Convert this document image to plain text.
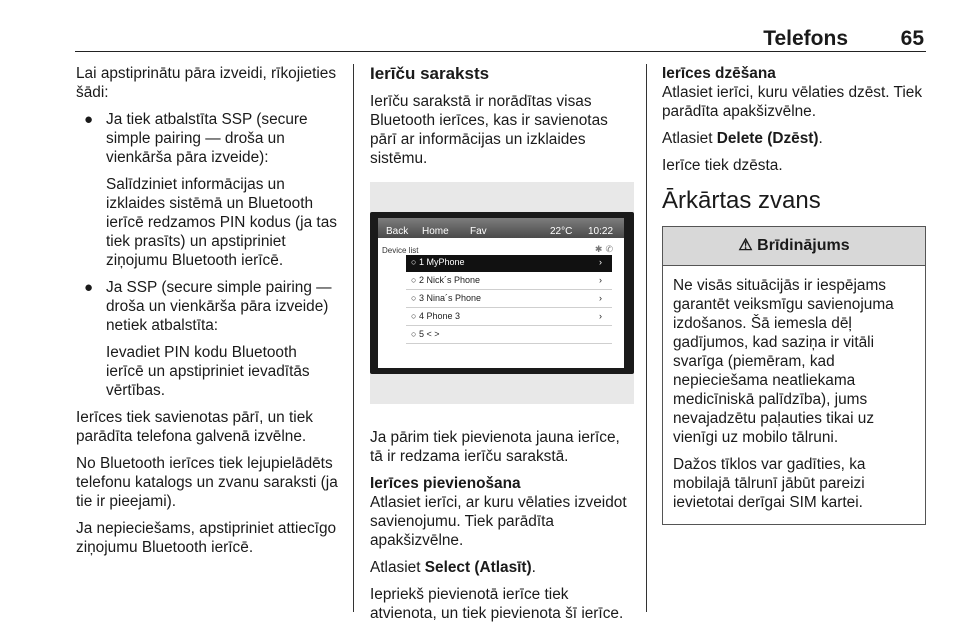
Telefons	65

Lai apstiprinātu pāra izveidi, rīkojieties šādi:

● Ja tiek atbalstīta SSP (secure simple pairing — droša un vienkārša pāra izveide):

Salīdziniet informācijas un izklaides sistēmā un Bluetooth ierīcē redzamos PIN kodus (ja tas tiek prasīts) un apstipriniet ziņojumu Bluetooth ierīcē.

● Ja SSP (secure simple pairing — droša un vienkārša pāra izveide) netiek atbalstīta:

Ievadiet PIN kodu Bluetooth ierīcē un apstipriniet ievadītās vērtības.

Ierīces tiek savienotas pārī, un tiek parādīta telefona galvenā izvēlne.

No Bluetooth ierīces tiek lejupielādēts telefonu katalogs un zvanu saraksti (ja tie ir pieejami).

Ja nepieciešams, apstipriniet attiecīgo ziņojumu Bluetooth ierīcē.

Ierīču saraksts

Ierīču sarakstā ir norādītas visas Bluetooth ierīces, kas ir savienotas pārī ar informācijas un izklaides sistēmu.

Back Home Fav	22°C 10:22
Device list	✱✆
○ 1 MyPhone	›
○ 2 Nick´s Phone	›
○ 3 Nina´s Phone	›
○ 4 Phone 3	›
○ 5 < >

Ja pārim tiek pievienota jauna ierīce, tā ir redzama ierīču sarakstā.

Ierīces pievienošana

Atlasiet ierīci, ar kuru vēlaties izveidot savienojumu. Tiek parādīta apakšizvēlne.

Atlasiet Select (Atlasīt).

Iepriekš pievienotā ierīce tiek atvienota, un tiek pievienota šī ierīce.

Ierīces dzēšana

Atlasiet ierīci, kuru vēlaties dzēst. Tiek parādīta apakšizvēlne.

Atlasiet Delete (Dzēst).

Ierīce tiek dzēsta.

Ārkārtas zvans
⚠ Brīdinājums

Ne visās situācijās ir iespējams garantēt veiksmīgu savienojuma izdošanos. Šā iemesla dēļ gadījumos, kad saziņa ir vitāli svarīga (piemēram, kad nepieciešama neatliekama medicīniskā palīdzība), jums nevajadzētu paļauties tikai uz vienīgi uz mobilo tālruni.

Dažos tīklos var gadīties, ka mobilajā tālrunī jābūt pareizi ievietotai derīgai SIM kartei.
